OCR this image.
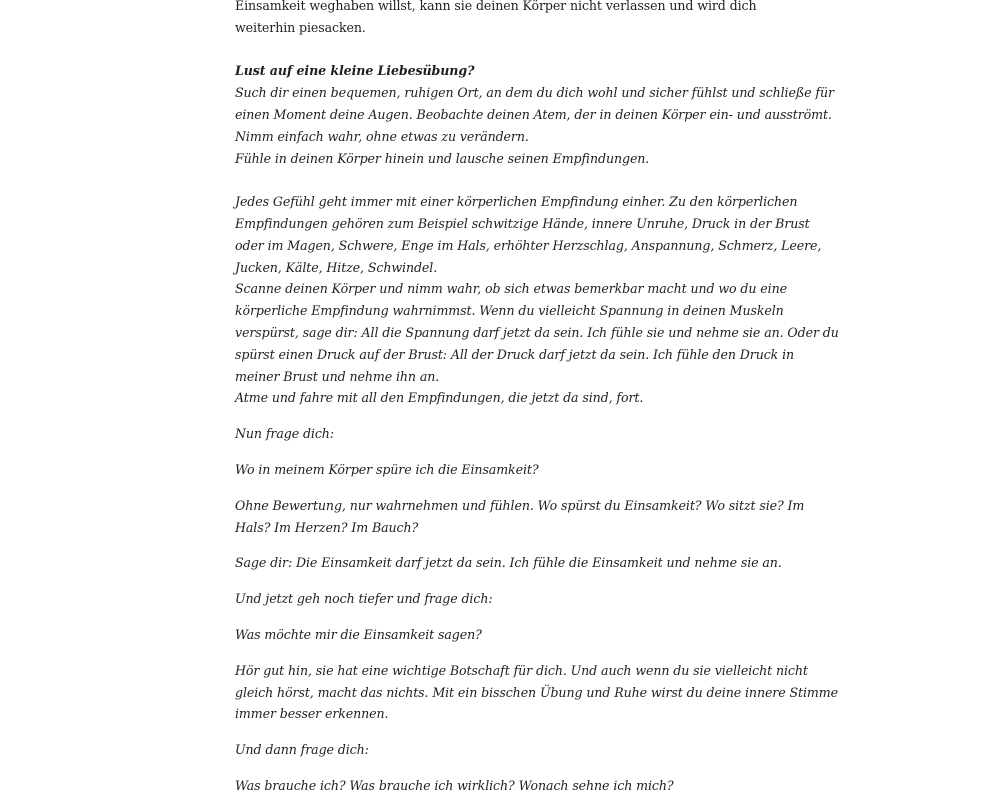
Einsamkeit weghaben willst, kann sie deinen Körper nicht verlassen und wird dich
weiterhin piesacken.
Lust auf eine kleine Liebesübung?
Such dir einen bequemen, ruhigen Ort, an dem du dich wohl und sicher fühlst und schließe für
einen Moment deine Augen. Beobachte deinen Atem, der in deinen Körper ein- und ausströmt.
Nimm einfach wahr, ohne etwas zu verändern.
Fühle in deinen Körper hinein und lausche seinen Empfindungen.
Jedes Gefühl geht immer mit einer körperlichen Empfindung einher. Zu den körperlichen
Empfindungen gehören zum Beispiel schwitzige Hände, innere Unruhe, Druck in der Brust
oder im Magen, Schwere, Enge im Hals, erhöhter Herzschlag, Anspannung, Schmerz, Leere,
Jucken, Kälte, Hitze, Schwindel.
Scanne deinen Körper und nimm wahr, ob sich etwas bemerkbar macht und wo du eine
körperliche Empfindung wahrnimmst. Wenn du vielleicht Spannung in deinen Muskeln
verspürst, sage dir: All die Spannung darf jetzt da sein. Ich fühle sie und nehme sie an. Oder du
spürst einen Druck auf der Brust: All der Druck darf jetzt da sein. Ich fühle den Druck in
meiner Brust und nehme ihn an.
Atme und fahre mit all den Empfindungen, die jetzt da sind, fort.
Nun frage dich:
Wo in meinem Körper spüre ich die Einsamkeit?
Ohne Bewertung, nur wahrnehmen und fühlen. Wo spürst du Einsamkeit? Wo sitzt sie? Im
Hals? Im Herzen? Im Bauch?
Sage dir: Die Einsamkeit darf jetzt da sein. Ich fühle die Einsamkeit und nehme sie an.
Und jetzt geh noch tiefer und frage dich:
Was möchte mir die Einsamkeit sagen?
Hör gut hin, sie hat eine wichtige Botschaft für dich. Und auch wenn du sie vielleicht nicht
gleich hörst, macht das nichts. Mit ein bisschen Übung und Ruhe wirst du deine innere Stimme
immer besser erkennen.
Und dann frage dich:
Was brauche ich? Was brauche ich wirklich? Wonach sehne ich mich?
